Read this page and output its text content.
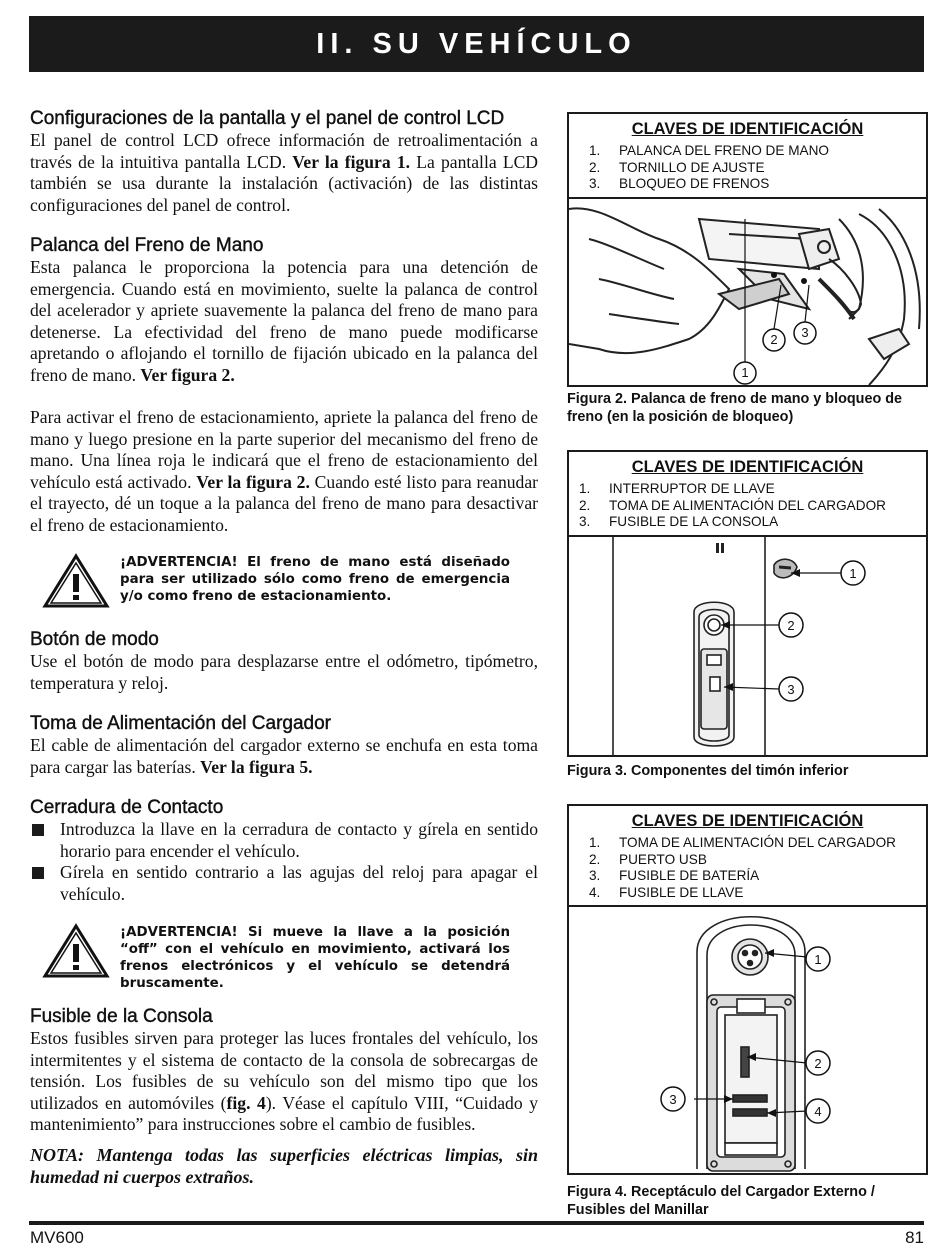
II. SU VEHÍCULO
Configuraciones de la pantalla y el panel de control LCD

El panel de control LCD ofrece información de retroalimentación a través de la intuitiva pantalla LCD. Ver la figura 1. La pantalla LCD también se usa durante la instalación (activación) de las distintas configuraciones del panel de control.

Palanca del Freno de Mano

Esta palanca le proporciona la potencia para una detención de emergencia. Cuando está en movimiento, suelte la palanca de control del acelerador y apriete suavemente la palanca del freno de mano para detenerse. La efectividad del freno de mano puede modificarse apretando o aflojando el tornillo de fijación ubicado en la palanca del freno de mano. Ver figura 2.

Para activar el freno de estacionamiento, apriete la palanca del freno de mano y luego presione en la parte superior del mecanismo del freno de mano. Una línea roja le indicará que el freno de estacionamiento del vehículo está activado. Ver la figura 2. Cuando esté listo para reanudar el trayecto, dé un toque a la palanca del freno de mano para desactivar el freno de estacionamiento.

¡ADVERTENCIA! El freno de mano está diseñado para ser utilizado sólo como freno de emergencia y/o como freno de estacionamiento.
Botón de modo

Use el botón de modo para desplazarse entre el odómetro, tipómetro, temperatura y reloj.

Toma de Alimentación del Cargador

El cable de alimentación del cargador externo se enchufa en esta toma para cargar las baterías. Ver la figura 5.

Cerradura de Contacto
Introduzca la llave en la cerradura de contacto y gírela en sentido horario para encender el vehículo.
Gírela en sentido contrario a las agujas del reloj para apagar el vehículo.
¡ADVERTENCIA! Si mueve la llave a la posición “off” con el vehículo en movimiento, activará los frenos electrónicos y el vehículo se detendrá bruscamente.
Fusible de la Consola

Estos fusibles sirven para proteger las luces frontales del vehículo, los intermitentes y el sistema de contacto de la consola de sobrecargas de tensión. Los fusibles de su vehículo son del mismo tipo que los utilizados en automóviles (fig. 4). Véase el capítulo VIII, “Cuidado y mantenimiento” para instrucciones sobre el cambio de fusibles.

NOTA: Mantenga todas las superficies eléctricas limpias, sin humedad ni cuerpos extraños.

CLAVES DE IDENTIFICACIÓN
1. PALANCA DEL FRENO DE MANO
2. TORNILLO DE AJUSTE
3. BLOQUEO DE FRENOS
1
2 3
Figura 2. Palanca de freno de mano y bloqueo de freno (en la posición de bloqueo)
CLAVES DE IDENTIFICACIÓN
1. INTERRUPTOR DE LLAVE
2. TOMA DE ALIMENTACIÓN DEL CARGADOR
3. FUSIBLE DE LA CONSOLA
1
2
3
Figura 3. Componentes del timón inferior
CLAVES DE IDENTIFICACIÓN
1. TOMA DE ALIMENTACIÓN DEL CARGADOR
2. PUERTO USB
3. FUSIBLE DE BATERÍA
4. FUSIBLE DE LLAVE
1
2
3
4
Figura 4. Receptáculo del Cargador Externo / Fusibles del Manillar
MV600	81
